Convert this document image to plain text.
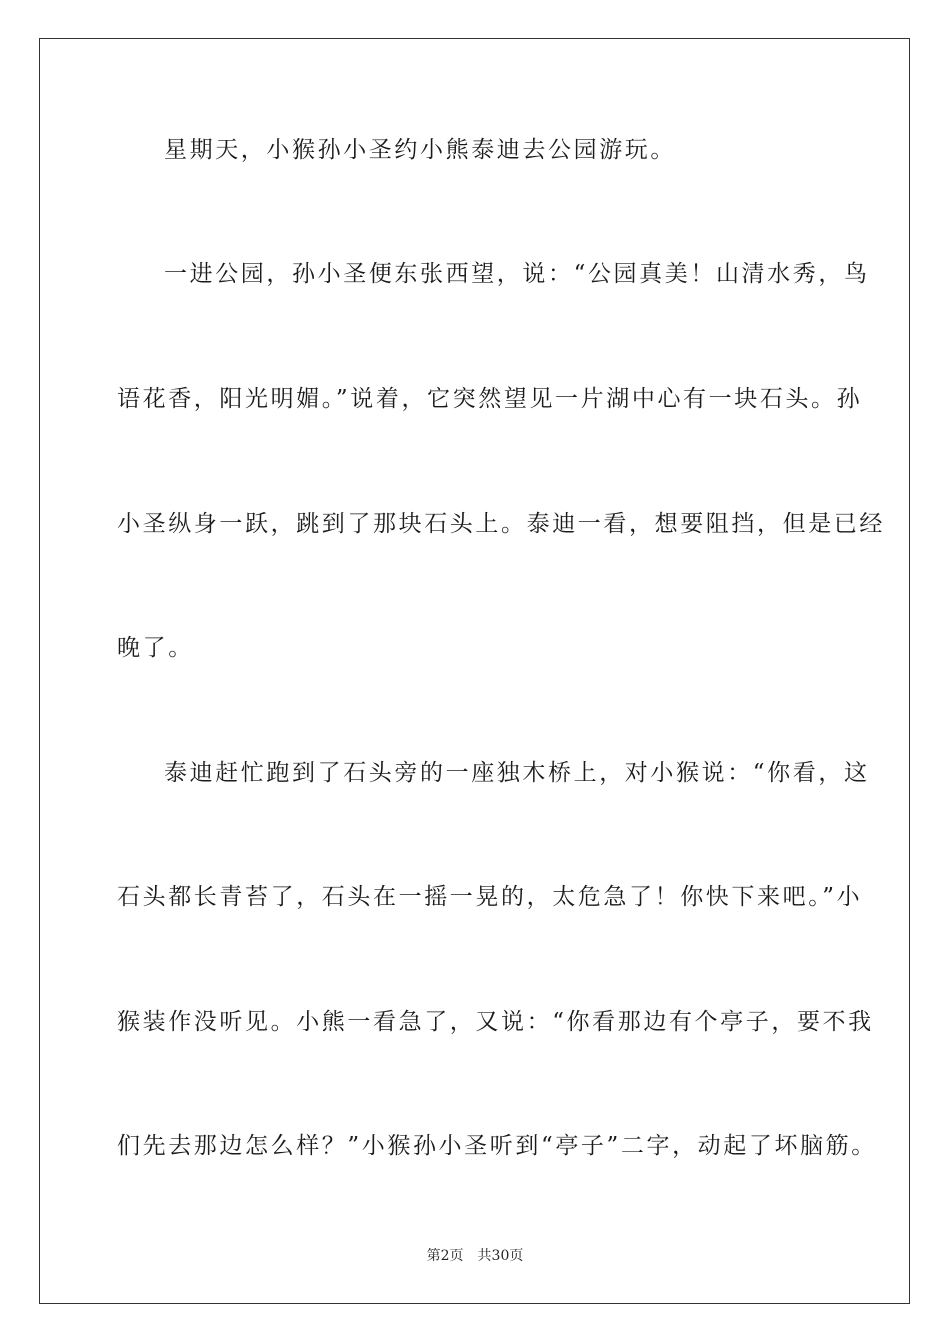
星期天，小猴孙小圣约小熊泰迪去公园游玩。
一进公园，孙小圣便东张西望，说：“公园真美！山清水秀，鸟
语花香，阳光明媚。”说着，它突然望见一片湖中心有一块石头。孙
小圣纵身一跃，跳到了那块石头上。泰迪一看，想要阻挡，但是已经
晚了。
泰迪赶忙跑到了石头旁的一座独木桥上，对小猴说：“你看，这
石头都长青苔了，石头在一摇一晃的，太危急了！你快下来吧。”小
猴装作没听见。小熊一看急了，又说：“你看那边有个亭子，要不我
们先去那边怎么样？”小猴孙小圣听到“亭子”二字，动起了坏脑筋。
第2页 共30页
